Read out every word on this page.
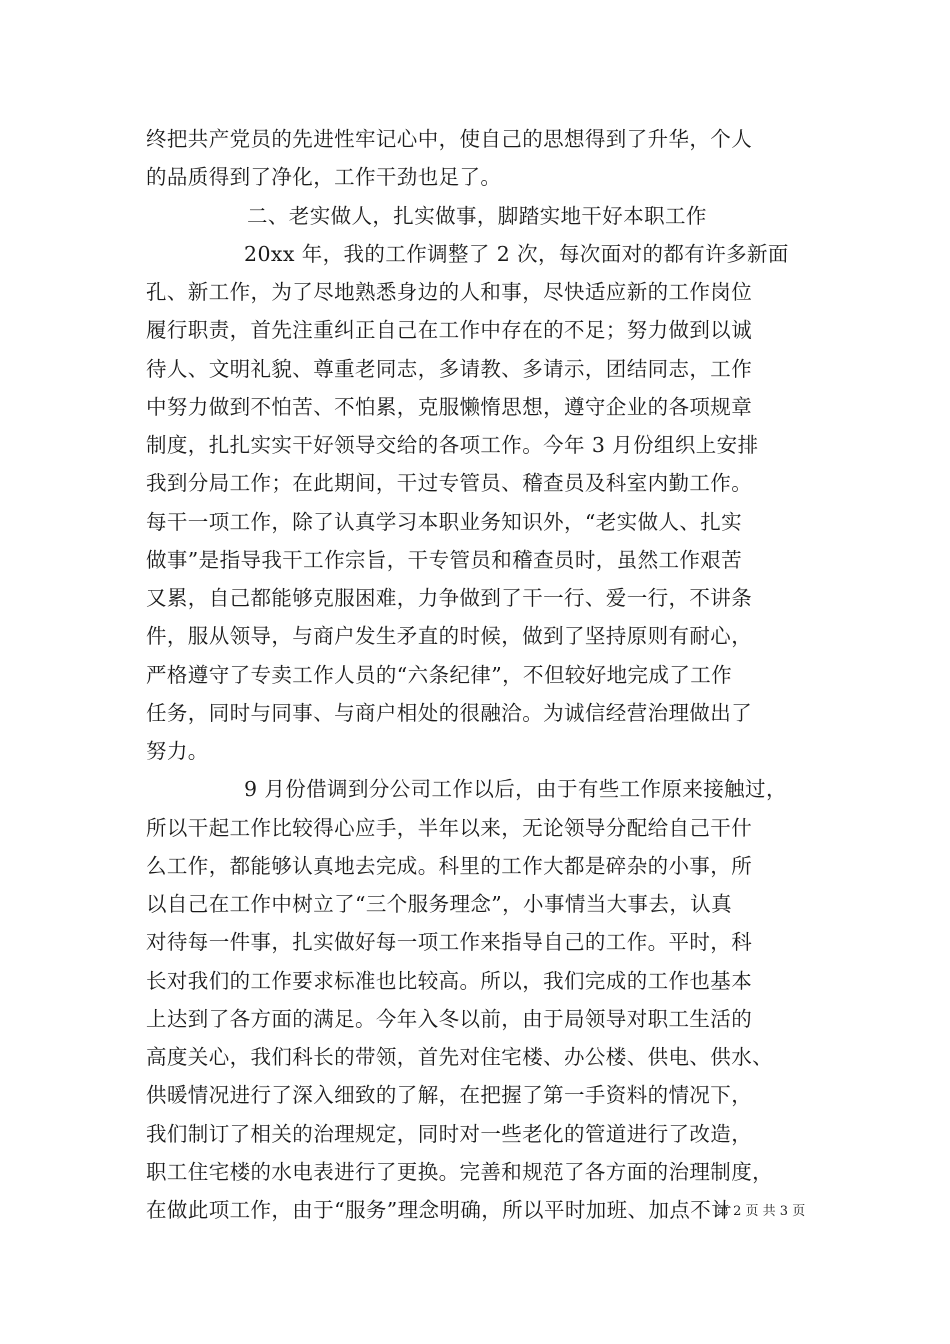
终把共产党员的先进性牢记心中，使自己的思想得到了升华，个人
的品质得到了净化，工作干劲也足了。
二、老实做人，扎实做事，脚踏实地干好本职工作
20xx 年，我的工作调整了 2 次，每次面对的都有许多新面
孔、新工作，为了尽地熟悉身边的人和事，尽快适应新的工作岗位
履行职责，首先注重纠正自己在工作中存在的不足；努力做到以诚
待人、文明礼貌、尊重老同志，多请教、多请示，团结同志，工作
中努力做到不怕苦、不怕累，克服懒惰思想，遵守企业的各项规章
制度，扎扎实实干好领导交给的各项工作。今年 3 月份组织上安排
我到分局工作；在此期间，干过专管员、稽查员及科室内勤工作。
每干一项工作，除了认真学习本职业务知识外，“老实做人、扎实
做事”是指导我干工作宗旨，干专管员和稽查员时，虽然工作艰苦
又累，自己都能够克服困难，力争做到了干一行、爱一行，不讲条
件，服从领导，与商户发生矛直的时候，做到了坚持原则有耐心，
严格遵守了专卖工作人员的“六条纪律”，不但较好地完成了工作
任务，同时与同事、与商户相处的很融洽。为诚信经营治理做出了
努力。
9 月份借调到分公司工作以后，由于有些工作原来接触过，
所以干起工作比较得心应手，半年以来，无论领导分配给自己干什
么工作，都能够认真地去完成。科里的工作大都是碎杂的小事，所
以自己在工作中树立了“三个服务理念”，小事情当大事去，认真
对待每一件事，扎实做好每一项工作来指导自己的工作。平时，科
长对我们的工作要求标准也比较高。所以，我们完成的工作也基本
上达到了各方面的满足。今年入冬以前，由于局领导对职工生活的
高度关心，我们科长的带领，首先对住宅楼、办公楼、供电、供水、
供暖情况进行了深入细致的了解，在把握了第一手资料的情况下，
我们制订了相关的治理规定，同时对一些老化的管道进行了改造，
职工住宅楼的水电表进行了更换。完善和规范了各方面的治理制度，
在做此项工作，由于“服务”理念明确，所以平时加班、加点不计
第 2 页 共 3 页
